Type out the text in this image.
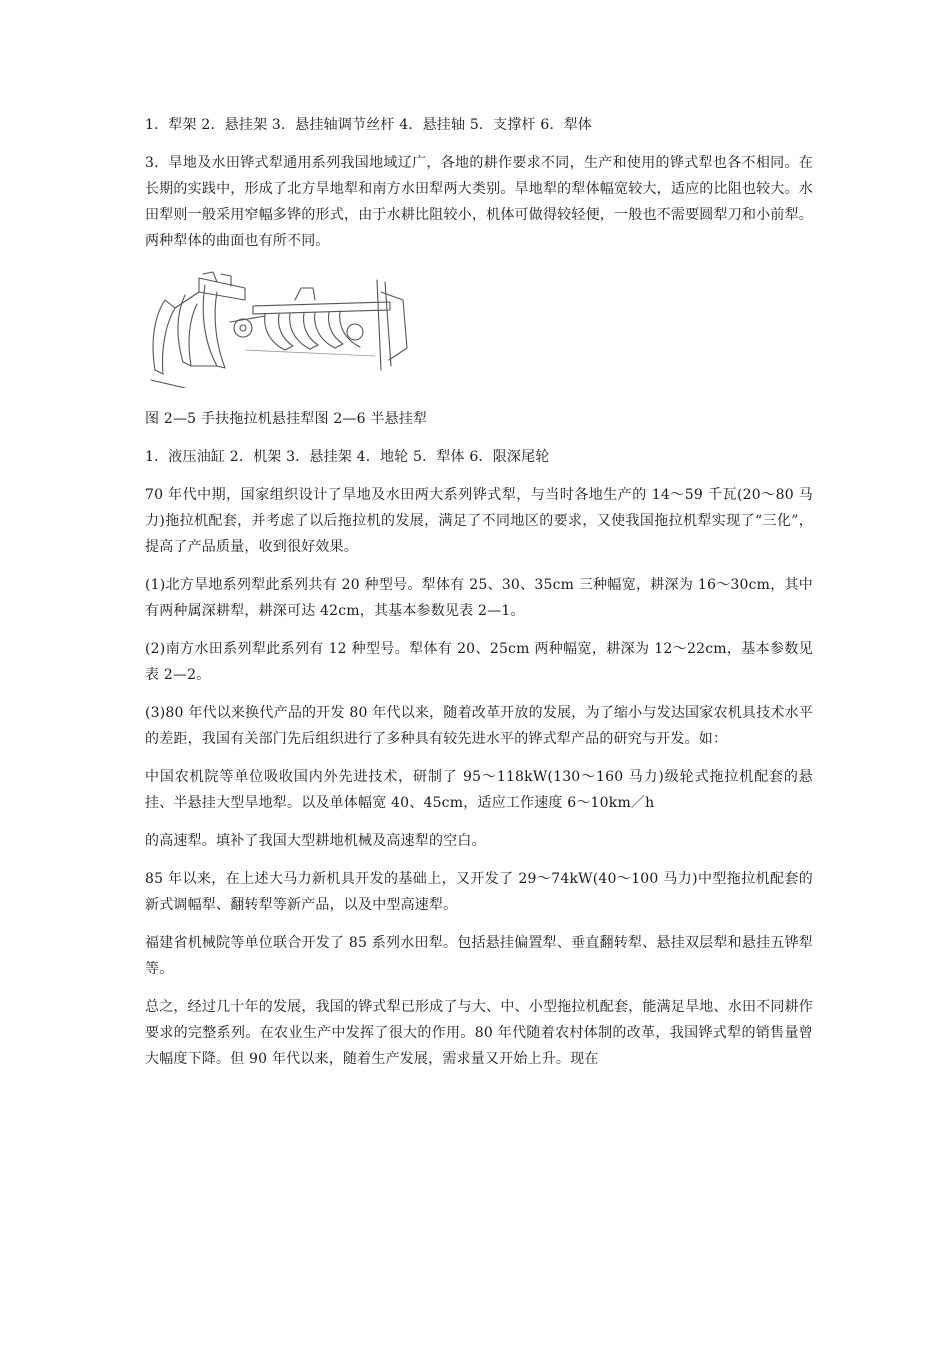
1．犁架 2．悬挂架 3．悬挂轴调节丝杆 4．悬挂轴 5．支撑杆 6．犁体

3．旱地及水田铧式犁通用系列我国地域辽广，各地的耕作要求不同，生产和使用的铧式犁也各不相同。在长期的实践中，形成了北方旱地犁和南方水田犁两大类别。旱地犁的犁体幅宽较大，适应的比阻也较大。水田犁则一般采用窄幅多铧的形式，由于水耕比阻较小，机体可做得较轻便，一般也不需要圆犁刀和小前犁。两种犁体的曲面也有所不同。

图 2—5 手扶拖拉机悬挂犁图 2—6 半悬挂犁

1．液压油缸 2．机架 3．悬挂架 4．地轮 5．犁体 6．限深尾轮

70 年代中期，国家组织设计了旱地及水田两大系列铧式犁，与当时各地生产的 14～59 千瓦(20～80 马力)拖拉机配套，并考虑了以后拖拉机的发展，满足了不同地区的要求，又使我国拖拉机犁实现了“三化”，提高了产品质量，收到很好效果。

(1)北方旱地系列犁此系列共有 20 种型号。犁体有 25、30、35cm 三种幅宽，耕深为 16～30cm，其中有两种属深耕犁，耕深可达 42cm，其基本参数见表 2—1。

(2)南方水田系列犁此系列有 12 种型号。犁体有 20、25cm 两种幅宽，耕深为 12～22cm，基本参数见表 2—2。

(3)80 年代以来换代产品的开发 80 年代以来，随着改革开放的发展，为了缩小与发达国家农机具技术水平的差距，我国有关部门先后组织进行了多种具有较先进水平的铧式犁产品的研究与开发。如：

中国农机院等单位吸收国内外先进技术，研制了 95～118kW(130～160 马力)级轮式拖拉机配套的悬挂、半悬挂大型旱地犁。以及单体幅宽 40、45cm，适应工作速度 6～10km／h

的高速犁。填补了我国大型耕地机械及高速犁的空白。

85 年以来，在上述大马力新机具开发的基础上，又开发了 29～74kW(40～100 马力)中型拖拉机配套的新式调幅犁、翻转犁等新产品，以及中型高速犁。

福建省机械院等单位联合开发了 85 系列水田犁。包括悬挂偏置犁、垂直翻转犁、悬挂双层犁和悬挂五铧犁等。

总之，经过几十年的发展，我国的铧式犁已形成了与大、中、小型拖拉机配套，能满足旱地、水田不同耕作要求的完整系列。在农业生产中发挥了很大的作用。80 年代随着农村体制的改革，我国铧式犁的销售量曾大幅度下降。但 90 年代以来，随着生产发展，需求量又开始上升。现在
